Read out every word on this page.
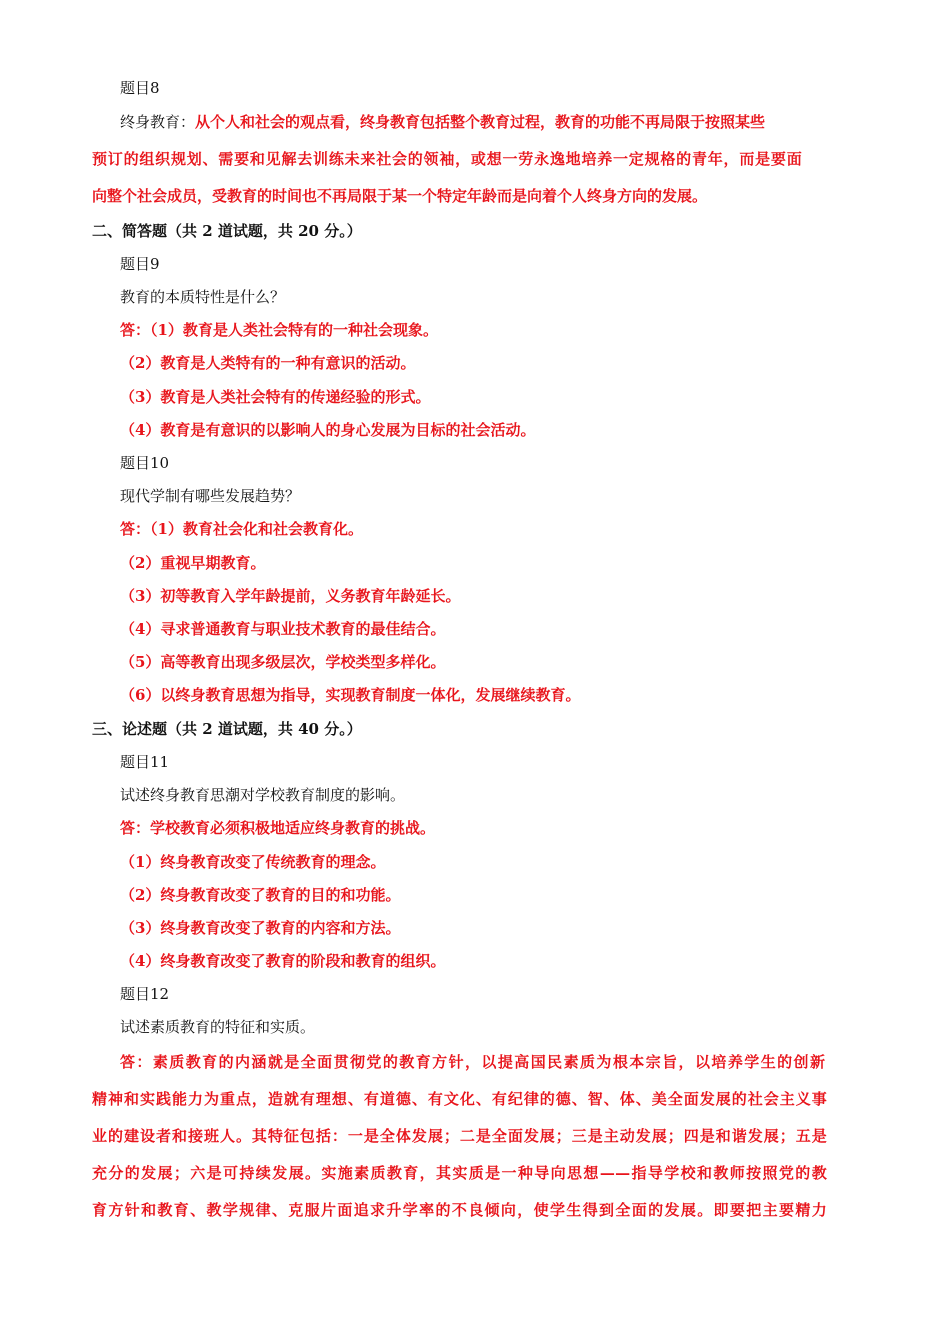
题目8
终身教育：从个人和社会的观点看，终身教育包括整个教育过程，教育的功能不再局限于按照某些
预订的组织规划、需要和见解去训练未来社会的领袖，或想一劳永逸地培养一定规格的青年，而是要面
向整个社会成员，受教育的时间也不再局限于某一个特定年龄而是向着个人终身方向的发展。
二、简答题（共 2 道试题，共 20 分。）
题目9
教育的本质特性是什么？
答：（1）教育是人类社会特有的一种社会现象。
（2）教育是人类特有的一种有意识的活动。
（3）教育是人类社会特有的传递经验的形式。
（4）教育是有意识的以影响人的身心发展为目标的社会活动。
题目10
现代学制有哪些发展趋势？
答：（1）教育社会化和社会教育化。
（2）重视早期教育。
（3）初等教育入学年龄提前，义务教育年龄延长。
（4）寻求普通教育与职业技术教育的最佳结合。
（5）高等教育出现多级层次，学校类型多样化。
（6）以终身教育思想为指导，实现教育制度一体化，发展继续教育。
三、论述题（共 2 道试题，共 40 分。）
题目11
试述终身教育思潮对学校教育制度的影响。
答：学校教育必须积极地适应终身教育的挑战。
（1）终身教育改变了传统教育的理念。
（2）终身教育改变了教育的目的和功能。
（3）终身教育改变了教育的内容和方法。
（4）终身教育改变了教育的阶段和教育的组织。
题目12
试述素质教育的特征和实质。
答：素质教育的内涵就是全面贯彻党的教育方针，以提高国民素质为根本宗旨，以培养学生的创新
精神和实践能力为重点，造就有理想、有道德、有文化、有纪律的德、智、体、美全面发展的社会主义事
业的建设者和接班人。其特征包括：一是全体发展；二是全面发展；三是主动发展；四是和谐发展；五是
充分的发展；六是可持续发展。实施素质教育，其实质是一种导向思想——指导学校和教师按照党的教
育方针和教育、教学规律、克服片面追求升学率的不良倾向，使学生得到全面的发展。即要把主要精力
